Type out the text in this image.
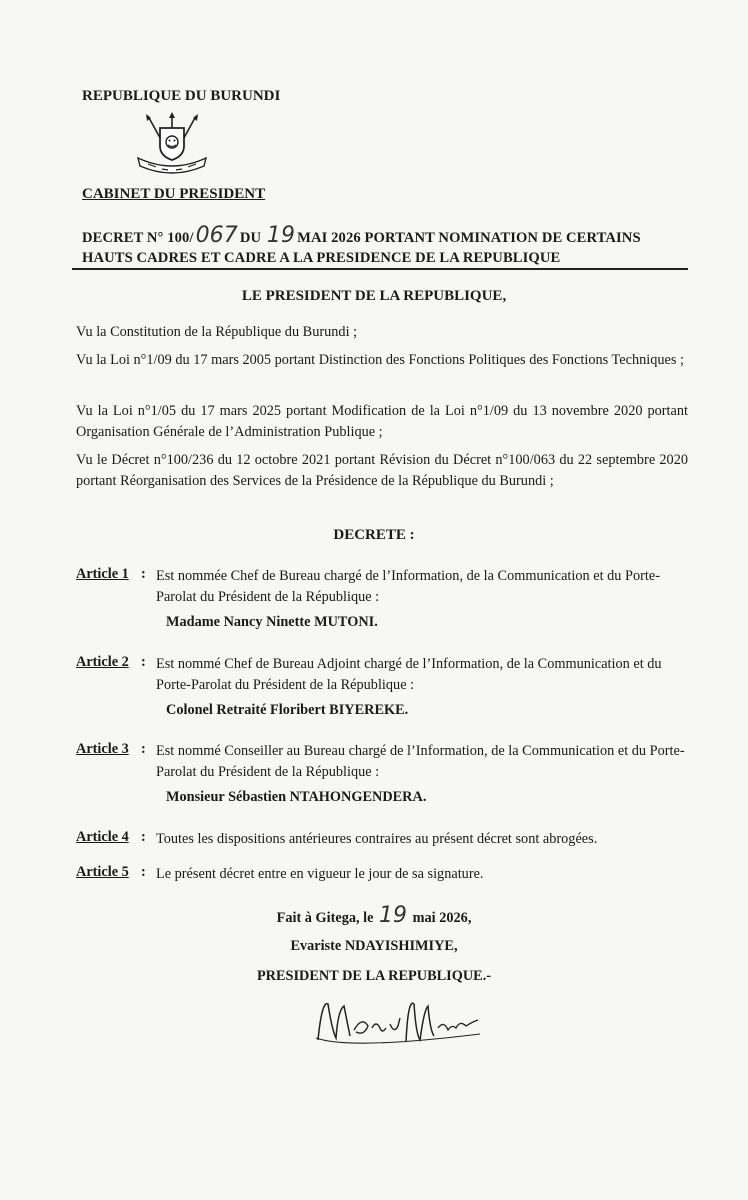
REPUBLIQUE DU BURUNDI
CABINET DU PRESIDENT
DECRET N° 100/067 DU 19 MAI 2026 PORTANT NOMINATION DE CERTAINS HAUTS CADRES ET CADRE A LA PRESIDENCE DE LA REPUBLIQUE
LE PRESIDENT DE LA REPUBLIQUE,
Vu la Constitution de la République du Burundi ;
Vu la Loi n°1/09 du 17 mars 2005 portant Distinction des Fonctions Politiques des Fonctions Techniques ;
Vu la Loi n°1/05 du 17 mars 2025 portant Modification de la Loi n°1/09 du 13 novembre 2020 portant Organisation Générale de l’Administration Publique ;
Vu le Décret n°100/236 du 12 octobre 2021 portant Révision du Décret n°100/063 du 22 septembre 2020 portant Réorganisation des Services de la Présidence de la République du Burundi ;
DECRETE :
Article 1 : Est nommée Chef de Bureau chargé de l’Information, de la Communication et du Porte-Parolat du Président de la République :
Madame Nancy Ninette MUTONI.
Article 2 : Est nommé Chef de Bureau Adjoint chargé de l’Information, de la Communication et du Porte-Parolat du Président de la République :
Colonel Retraité Floribert BIYEREKE.
Article 3 : Est nommé Conseiller au Bureau chargé de l’Information, de la Communication et du Porte-Parolat du Président de la République :
Monsieur Sébastien NTAHONGENDERA.
Article 4 : Toutes les dispositions antérieures contraires au présent décret sont abrogées.
Article 5 : Le présent décret entre en vigueur le jour de sa signature.
Fait à Gitega, le 19 mai 2026,
Evariste NDAYISHIMIYE,
PRESIDENT DE LA REPUBLIQUE.-
